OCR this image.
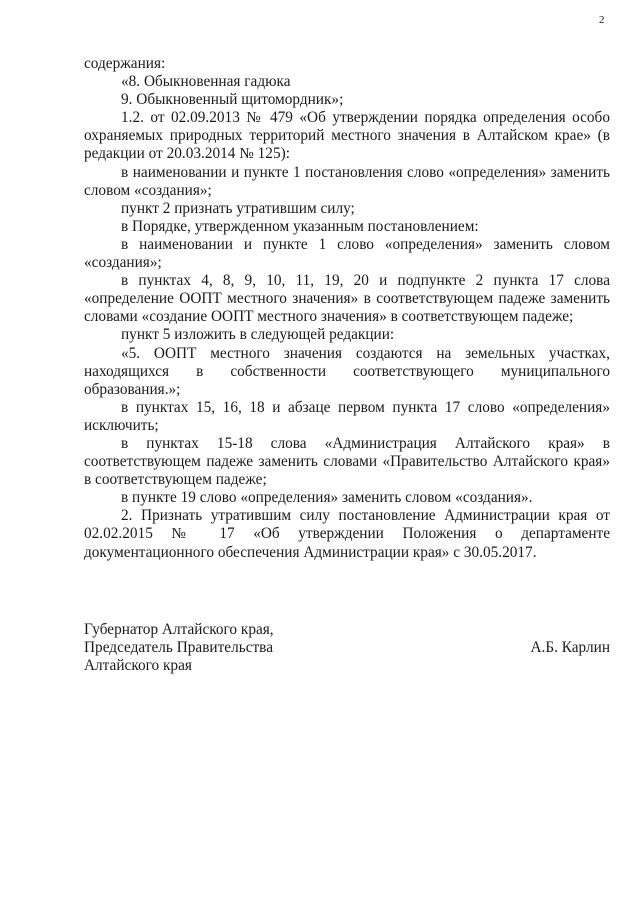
2

содержания:

«8. Обыкновенная гадюка

9. Обыкновенный щитомордник»;

1.2. от 02.09.2013 № 479 «Об утверждении порядка определения особо охраняемых природных территорий местного значения в Алтайском крае» (в редакции от 20.03.2014 № 125):

в наименовании и пункте 1 постановления слово «определения» заменить словом «создания»;

пункт 2 признать утратившим силу;

в Порядке, утвержденном указанным постановлением:

в наименовании и пункте 1 слово «определения» заменить словом «создания»;

в пунктах 4, 8, 9, 10, 11, 19, 20 и подпункте 2 пункта 17 слова «определение ООПТ местного значения» в соответствующем падеже заменить словами «создание ООПТ местного значения» в соответствующем падеже;

пункт 5 изложить в следующей редакции:

«5. ООПТ местного значения создаются на земельных участках, находящихся в собственности соответствующего муниципального образования.»;

в пунктах 15, 16, 18 и абзаце первом пункта 17 слово «определения» исключить;

в пунктах 15-18 слова «Администрация Алтайского края» в соответствующем падеже заменить словами «Правительство Алтайского края» в соответствующем падеже;

в пункте 19 слово «определения» заменить словом «создания».

2. Признать утратившим силу постановление Администрации края от 02.02.2015 № 17 «Об утверждении Положения о департаменте документационного обеспечения Администрации края» с 30.05.2017.

Губернатор Алтайского края,
Председатель Правительства
Алтайского края
А.Б. Карлин
